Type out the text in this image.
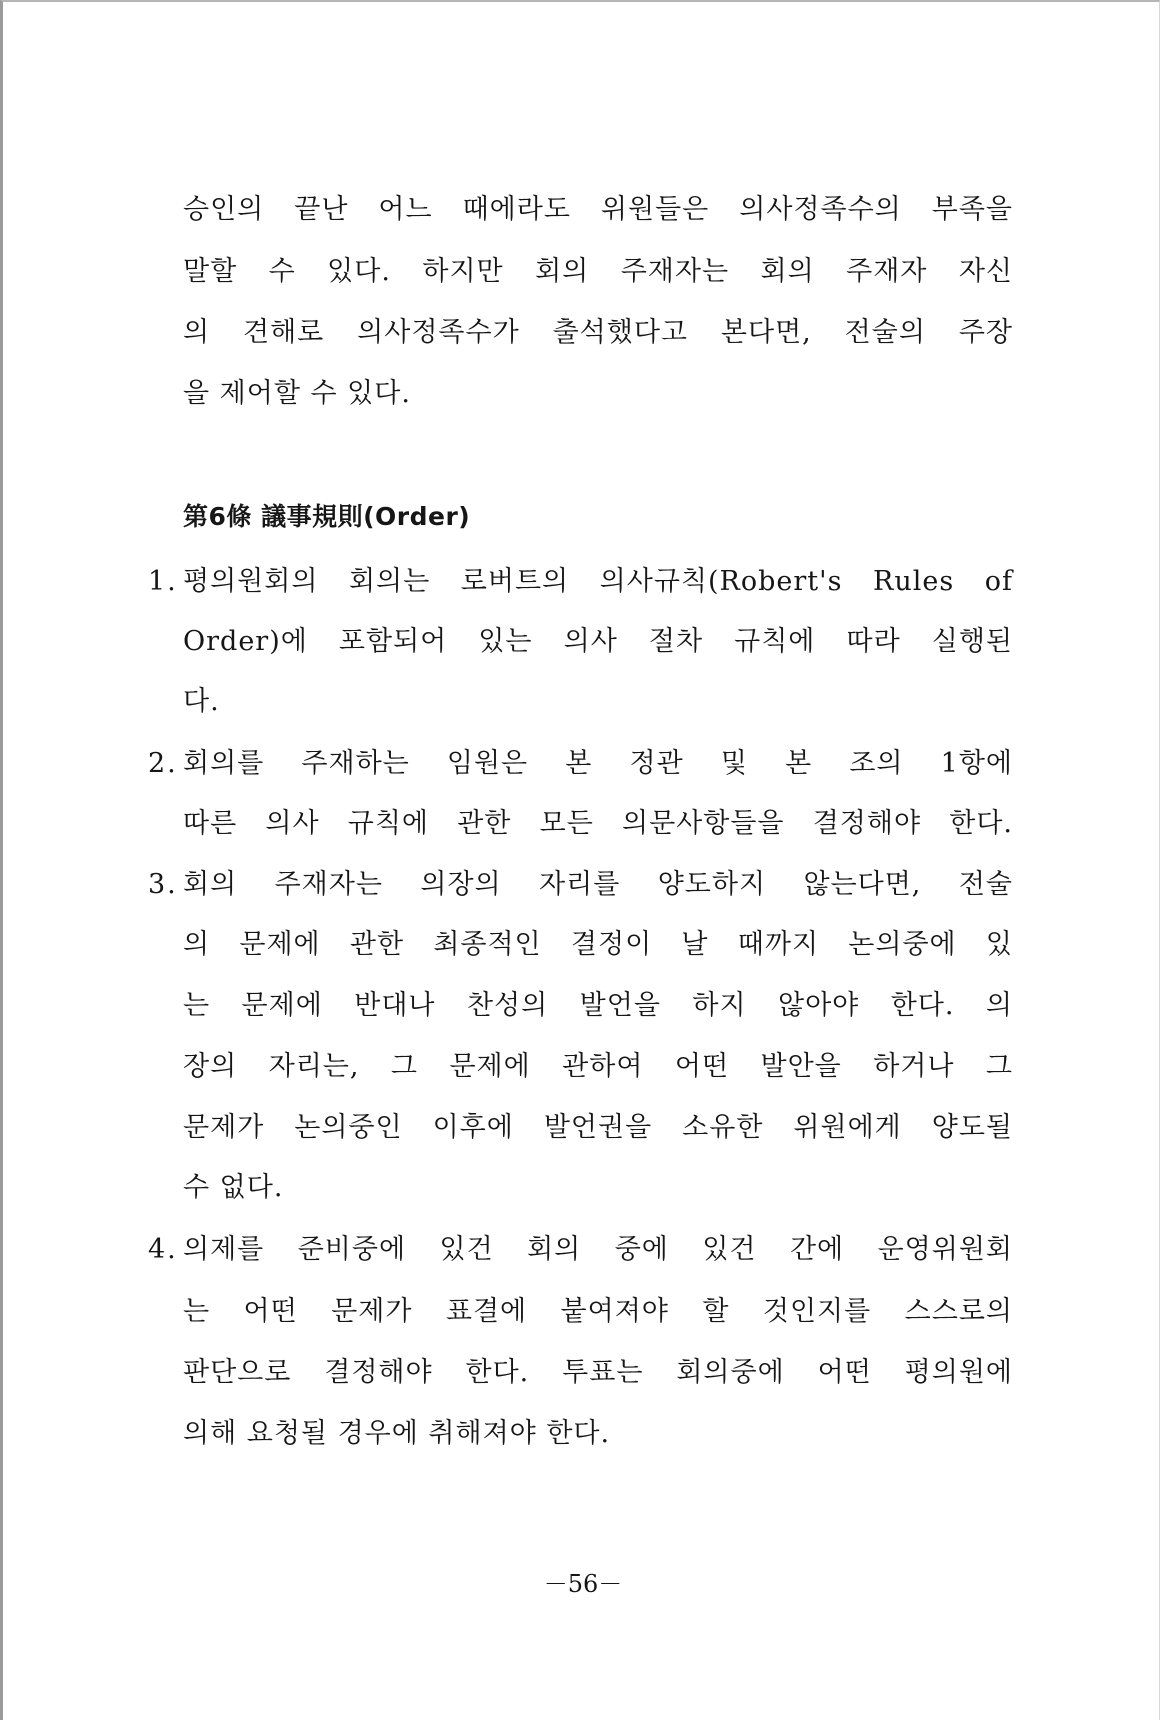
승인의 끝난 어느 때에라도 위원들은 의사정족수의 부족을
말할 수 있다. 하지만 회의 주재자는 회의 주재자 자신
의 견해로 의사정족수가 출석했다고 본다면, 전술의 주장
을 제어할 수 있다.
第6條 議事規則(Order)
1. 평의원회의 회의는 로버트의 의사규칙(Robert's Rules of
Order)에 포함되어 있는 의사 절차 규칙에 따라 실행된
다.
2. 회의를 주재하는 임원은 본 정관 및 본 조의 1항에
따른 의사 규칙에 관한 모든 의문사항들을 결정해야 한다.
3. 회의 주재자는 의장의 자리를 양도하지 않는다면, 전술
의 문제에 관한 최종적인 결정이 날 때까지 논의중에 있
는 문제에 반대나 찬성의 발언을 하지 않아야 한다. 의
장의 자리는, 그 문제에 관하여 어떤 발안을 하거나 그
문제가 논의중인 이후에 발언권을 소유한 위원에게 양도될
수 없다.
4. 의제를 준비중에 있건 회의 중에 있건 간에 운영위원회
는 어떤 문제가 표결에 붙여져야 할 것인지를 스스로의
판단으로 결정해야 한다. 투표는 회의중에 어떤 평의원에
의해 요청될 경우에 취해져야 한다.
－56－
